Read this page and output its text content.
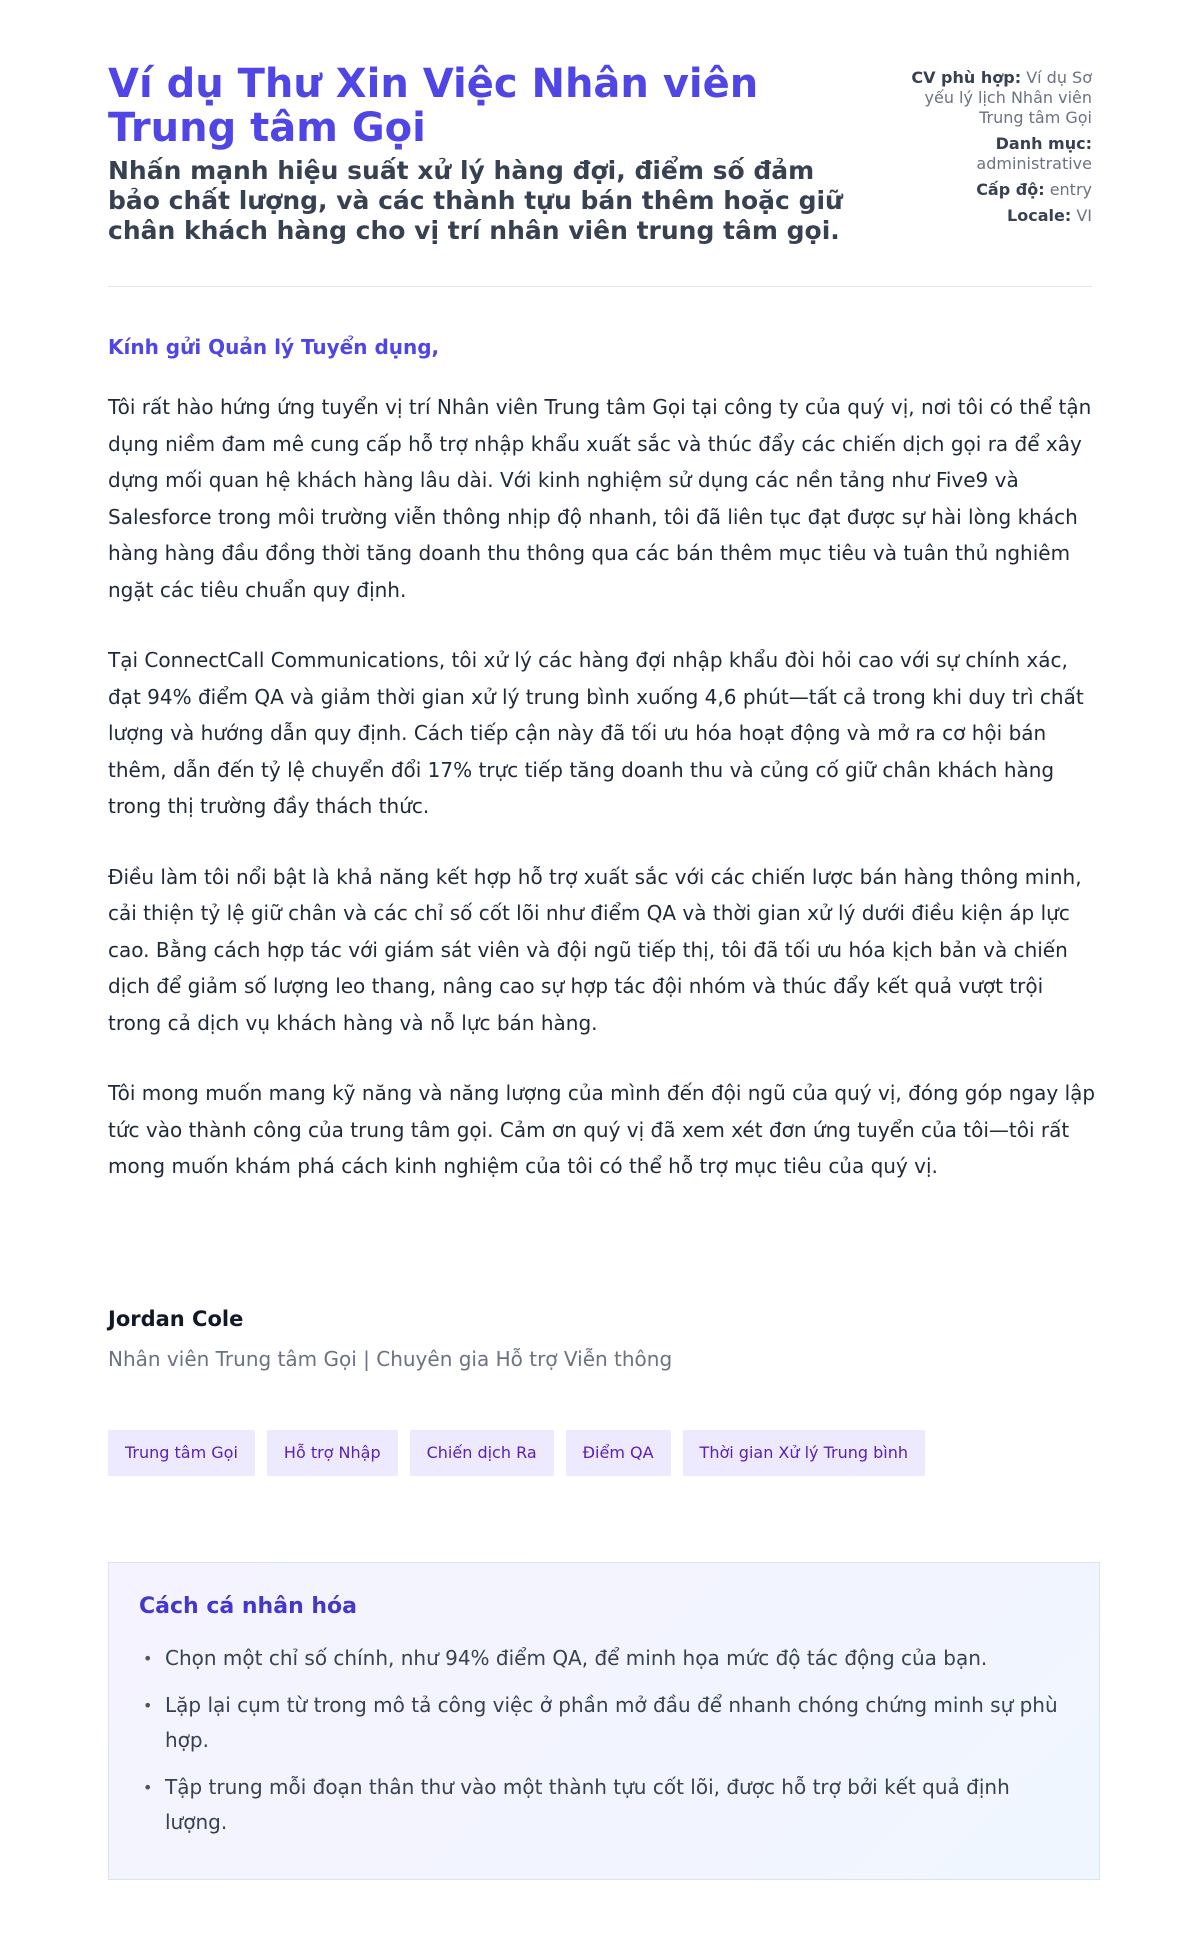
Ví dụ Thư Xin Việc Nhân viên Trung tâm Gọi

Nhấn mạnh hiệu suất xử lý hàng đợi, điểm số đảm bảo chất lượng, và các thành tựu bán thêm hoặc giữ chân khách hàng cho vị trí nhân viên trung tâm gọi.

CV phù hợp: Ví dụ Sơ yếu lý lịch Nhân viên Trung tâm Gọi
Danh mục: administrative
Cấp độ: entry
Locale: VI

Kính gửi Quản lý Tuyển dụng,

Tôi rất hào hứng ứng tuyển vị trí Nhân viên Trung tâm Gọi tại công ty của quý vị, nơi tôi có thể tận dụng niềm đam mê cung cấp hỗ trợ nhập khẩu xuất sắc và thúc đẩy các chiến dịch gọi ra để xây dựng mối quan hệ khách hàng lâu dài. Với kinh nghiệm sử dụng các nền tảng như Five9 và Salesforce trong môi trường viễn thông nhịp độ nhanh, tôi đã liên tục đạt được sự hài lòng khách hàng hàng đầu đồng thời tăng doanh thu thông qua các bán thêm mục tiêu và tuân thủ nghiêm ngặt các tiêu chuẩn quy định.

Tại ConnectCall Communications, tôi xử lý các hàng đợi nhập khẩu đòi hỏi cao với sự chính xác, đạt 94% điểm QA và giảm thời gian xử lý trung bình xuống 4,6 phút—tất cả trong khi duy trì chất lượng và hướng dẫn quy định. Cách tiếp cận này đã tối ưu hóa hoạt động và mở ra cơ hội bán thêm, dẫn đến tỷ lệ chuyển đổi 17% trực tiếp tăng doanh thu và củng cố giữ chân khách hàng trong thị trường đầy thách thức.

Điều làm tôi nổi bật là khả năng kết hợp hỗ trợ xuất sắc với các chiến lược bán hàng thông minh, cải thiện tỷ lệ giữ chân và các chỉ số cốt lõi như điểm QA và thời gian xử lý dưới điều kiện áp lực cao. Bằng cách hợp tác với giám sát viên và đội ngũ tiếp thị, tôi đã tối ưu hóa kịch bản và chiến dịch để giảm số lượng leo thang, nâng cao sự hợp tác đội nhóm và thúc đẩy kết quả vượt trội trong cả dịch vụ khách hàng và nỗ lực bán hàng.

Tôi mong muốn mang kỹ năng và năng lượng của mình đến đội ngũ của quý vị, đóng góp ngay lập tức vào thành công của trung tâm gọi. Cảm ơn quý vị đã xem xét đơn ứng tuyển của tôi—tôi rất mong muốn khám phá cách kinh nghiệm của tôi có thể hỗ trợ mục tiêu của quý vị.

Jordan Cole

Nhân viên Trung tâm Gọi | Chuyên gia Hỗ trợ Viễn thông

Trung tâm Gọi	Hỗ trợ Nhập	Chiến dịch Ra	Điểm QA	Thời gian Xử lý Trung bình

Cách cá nhân hóa

• Chọn một chỉ số chính, như 94% điểm QA, để minh họa mức độ tác động của bạn.
• Lặp lại cụm từ trong mô tả công việc ở phần mở đầu để nhanh chóng chứng minh sự phù hợp.
• Tập trung mỗi đoạn thân thư vào một thành tựu cốt lõi, được hỗ trợ bởi kết quả định lượng.
